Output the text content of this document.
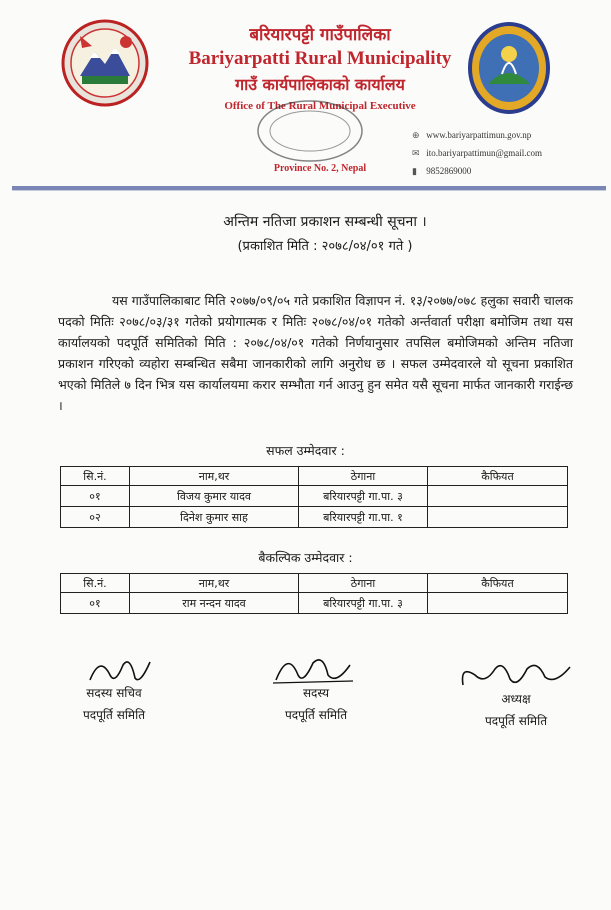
बरियारपट्टी गाउँपालिका
Bariyarpatti Rural Municipality
गाउँ कार्यपालिकाको कार्यालय
Office of The Rural Municipal Executive
Province No. 2, Nepal
⊕ www.bariyarpattimun.gov.np
✉ ito.bariyarpattimun@gmail.com
▮ 9852869000
अन्तिम नतिजा प्रकाशन सम्बन्धी सूचना ।
(प्रकाशित मिति : २०७८/०४/०१ गते )

यस गाउँपालिकाबाट मिति २०७७/०९/०५ गते प्रकाशित विज्ञापन नं. १३/२०७७/०७८ हलुका सवारी चालक पदको मितिः २०७८/०३/३१ गतेको प्रयोगात्मक र मितिः २०७८/०४/०१ गतेको अर्न्तवार्ता परीक्षा बमोजिम तथा यस कार्यालयको पदपूर्ति समितिको मिति : २०७८/०४/०१ गतेको निर्णयानुसार तपसिल बमोजिमको अन्तिम नतिजा प्रकाशन गरिएको व्यहोरा सम्बन्धित सबैमा जानकारीको लागि अनुरोध छ । सफल उम्मेदवारले यो सूचना प्रकाशित भएको मितिले ७ दिन भित्र यस कार्यालयमा करार सम्भौता गर्न आउनु हुन समेत यसै सूचना मार्फत जानकारी गराईन्छ ।

सफल उम्मेदवार :
सि.नं.	नाम,थर	ठेगाना	कैफियत
०१	विजय कुमार यादव	बरियारपट्टी गा.पा. ३	
०२	दिनेश कुमार साह	बरियारपट्टी गा.पा. १	
बैकल्पिक उम्मेदवार :
सि.नं.	नाम,थर	ठेगाना	कैफियत
०१	राम नन्दन यादव	बरियारपट्टी गा.पा. ३	
सदस्य सचिव
पदपूर्ति समिति
सदस्य
पदपूर्ति समिति
अध्यक्ष
पदपूर्ति समिति
